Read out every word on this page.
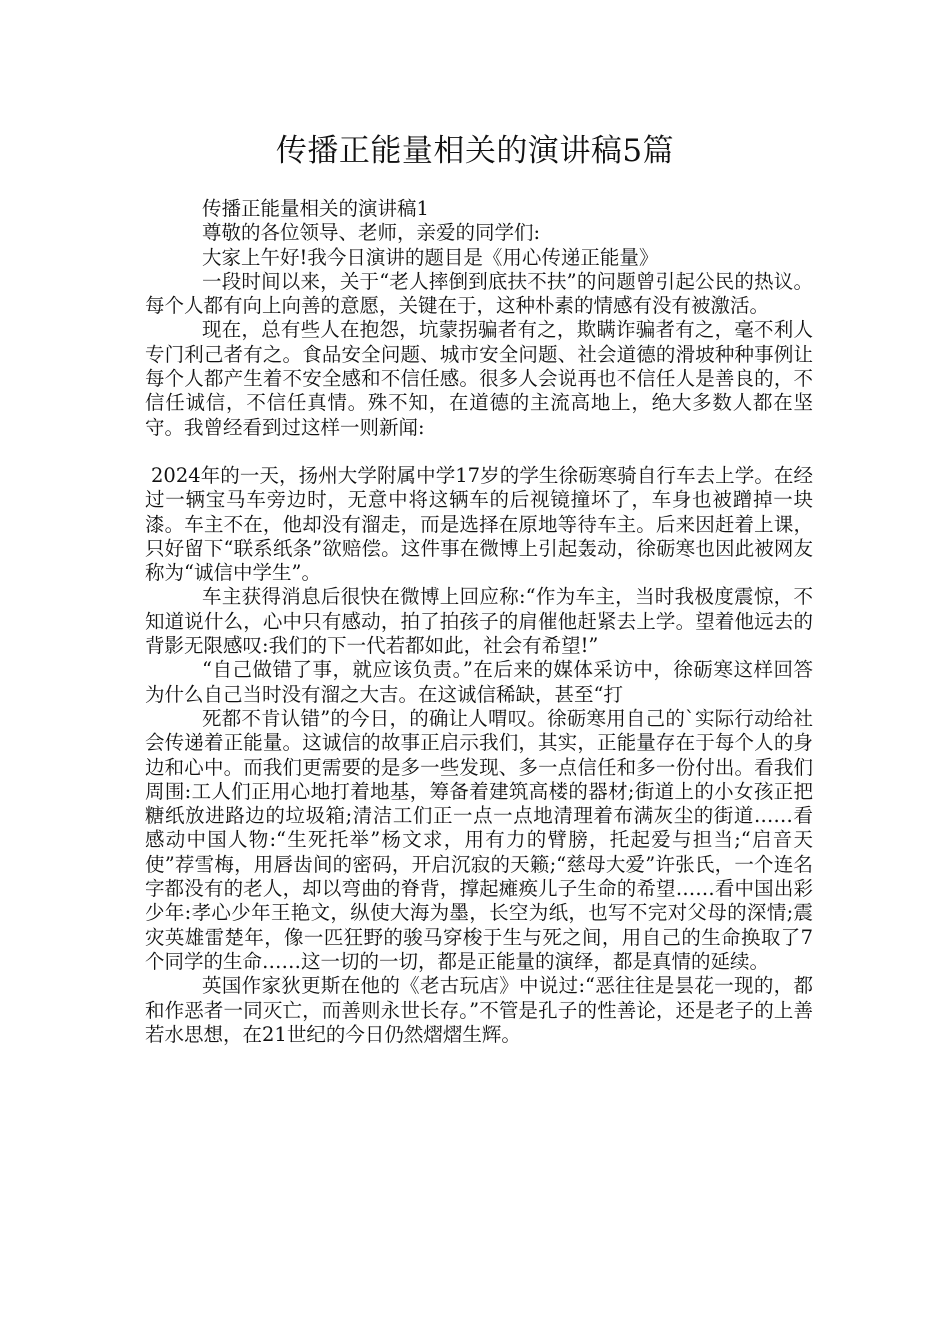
传播正能量相关的演讲稿5篇

传播正能量相关的演讲稿1

尊敬的各位领导、老师，亲爱的同学们:

大家上午好!我今日演讲的题目是《用心传递正能量》

一段时间以来，关于“老人摔倒到底扶不扶”的问题曾引起公民的热议。每个人都有向上向善的意愿，关键在于，这种朴素的情感有没有被激活。

现在，总有些人在抱怨，坑蒙拐骗者有之，欺瞒诈骗者有之，毫不利人专门利己者有之。食品安全问题、城市安全问题、社会道德的滑坡种种事例让每个人都产生着不安全感和不信任感。很多人会说再也不信任人是善良的，不信任诚信，不信任真情。殊不知，在道德的主流高地上，绝大多数人都在坚守。我曾经看到过这样一则新闻:

2024年的一天，扬州大学附属中学17岁的学生徐砺寒骑自行车去上学。在经过一辆宝马车旁边时，无意中将这辆车的后视镜撞坏了，车身也被蹭掉一块漆。车主不在，他却没有溜走，而是选择在原地等待车主。后来因赶着上课，只好留下“联系纸条”欲赔偿。这件事在微博上引起轰动，徐砺寒也因此被网友称为“诚信中学生”。

车主获得消息后很快在微博上回应称:“作为车主，当时我极度震惊，不知道说什么，心中只有感动，拍了拍孩子的肩催他赶紧去上学。望着他远去的背影无限感叹:我们的下一代若都如此，社会有希望!”

“自己做错了事，就应该负责。”在后来的媒体采访中，徐砺寒这样回答为什么自己当时没有溜之大吉。在这诚信稀缺，甚至“打

死都不肯认错”的今日，的确让人喟叹。徐砺寒用自己的`实际行动给社会传递着正能量。这诚信的故事正启示我们，其实，正能量存在于每个人的身边和心中。而我们更需要的是多一些发现、多一点信任和多一份付出。看我们周围:工人们正用心地打着地基，筹备着建筑高楼的器材;街道上的小女孩正把糖纸放进路边的垃圾箱;清洁工们正一点一点地清理着布满灰尘的街道……看感动中国人物:“生死托举”杨文求，用有力的臂膀，托起爱与担当;“启音天使”荐雪梅，用唇齿间的密码，开启沉寂的天籁;“慈母大爱”许张氏，一个连名字都没有的老人，却以弯曲的脊背，撑起瘫痪儿子生命的希望……看中国出彩少年:孝心少年王艳文，纵使大海为墨，长空为纸，也写不完对父母的深情;震灾英雄雷楚年，像一匹狂野的骏马穿梭于生与死之间，用自己的生命换取了7个同学的生命……这一切的一切，都是正能量的演绎，都是真情的延续。

英国作家狄更斯在他的《老古玩店》中说过:“恶往往是昙花一现的，都和作恶者一同灭亡，而善则永世长存。”不管是孔子的性善论，还是老子的上善若水思想，在21世纪的今日仍然熠熠生辉。
